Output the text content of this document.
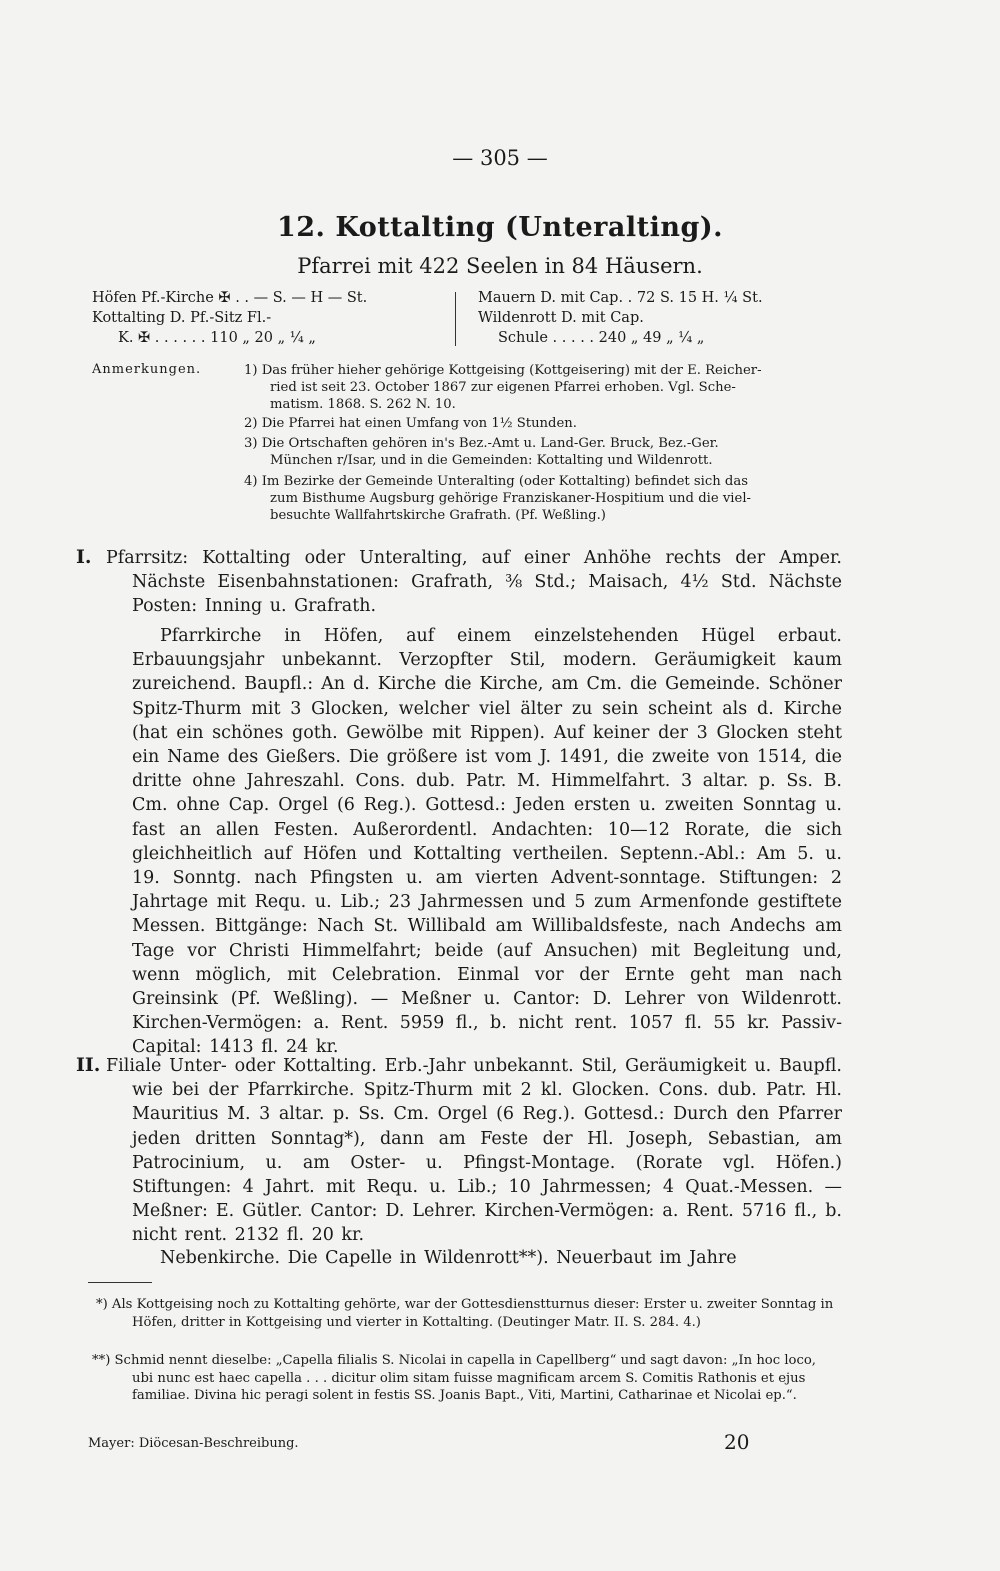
— 305 —
12. Kottalting (Unteralting).
Pfarrei mit 422 Seelen in 84 Häusern.
Höfen Pf.-Kirche ✠ . . — S. — H — St.
Kottalting D. Pf.-Sitz Fl.-
K. ✠ . . . . . . 110 „ 20 „ ¼ „
Mauern D. mit Cap. . 72 S. 15 H. ¼ St.
Wildenrott D. mit Cap.
Schule . . . . . 240 „ 49 „ ¼ „
Anmerkungen.	1) Das früher hieher gehörige Kottgeising (Kottgeisering) mit der E. Reicher-
ried ist seit 23. October 1867 zur eigenen Pfarrei erhoben. Vgl. Sche-
matism. 1868. S. 262 N. 10.
2) Die Pfarrei hat einen Umfang von 1½ Stunden.
3) Die Ortschaften gehören in's Bez.-Amt u. Land-Ger. Bruck, Bez.-Ger.
München r/Isar, und in die Gemeinden: Kottalting und Wildenrott.
4) Im Bezirke der Gemeinde Unteralting (oder Kottalting) befindet sich das
zum Bisthume Augsburg gehörige Franziskaner-Hospitium und die viel-
besuchte Wallfahrtskirche Grafrath. (Pf. Weßling.)
I. Pfarrsitz: Kottalting oder Unteralting, auf einer Anhöhe rechts der Amper. Nächste Eisenbahnstationen: Grafrath, ⅜ Std.; Maisach, 4½ Std. Nächste Posten: Inning u. Grafrath.
Pfarrkirche in Höfen, auf einem einzelstehenden Hügel erbaut. Erbauungsjahr unbekannt. Verzopfter Stil, modern. Geräumigkeit kaum zureichend. Baupfl.: An d. Kirche die Kirche, am Cm. die Gemeinde. Schöner Spitz-Thurm mit 3 Glocken, welcher viel älter zu sein scheint als d. Kirche (hat ein schönes goth. Gewölbe mit Rippen). Auf keiner der 3 Glocken steht ein Name des Gießers. Die größere ist vom J. 1491, die zweite von 1514, die dritte ohne Jahreszahl. Cons. dub. Patr. M. Himmelfahrt. 3 altar. p. Ss. B. Cm. ohne Cap. Orgel (6 Reg.). Gottesd.: Jeden ersten u. zweiten Sonntag u. fast an allen Festen. Außerordentl. Andachten: 10—12 Rorate, die sich gleichheitlich auf Höfen und Kottalting vertheilen. Septenn.-Abl.: Am 5. u. 19. Sonntg. nach Pfingsten u. am vierten Advent-sonntage. Stiftungen: 2 Jahrtage mit Requ. u. Lib.; 23 Jahrmessen und 5 zum Armenfonde gestiftete Messen. Bittgänge: Nach St. Willibald am Willibaldsfeste, nach Andechs am Tage vor Christi Himmelfahrt; beide (auf Ansuchen) mit Begleitung und, wenn möglich, mit Celebration. Einmal vor der Ernte geht man nach Greinsink (Pf. Weßling). — Meßner u. Cantor: D. Lehrer von Wildenrott. Kirchen-Vermögen: a. Rent. 5959 fl., b. nicht rent. 1057 fl. 55 kr. Passiv-Capital: 1413 fl. 24 kr.
II. Filiale Unter- oder Kottalting. Erb.-Jahr unbekannt. Stil, Geräumigkeit u. Baupfl. wie bei der Pfarrkirche. Spitz-Thurm mit 2 kl. Glocken. Cons. dub. Patr. Hl. Mauritius M. 3 altar. p. Ss. Cm. Orgel (6 Reg.). Gottesd.: Durch den Pfarrer jeden dritten Sonntag*), dann am Feste der Hl. Joseph, Sebastian, am Patrocinium, u. am Oster- u. Pfingst-Montage. (Rorate vgl. Höfen.) Stiftungen: 4 Jahrt. mit Requ. u. Lib.; 10 Jahrmessen; 4 Quat.-Messen. — Meßner: E. Gütler. Cantor: D. Lehrer. Kirchen-Vermögen: a. Rent. 5716 fl., b. nicht rent. 2132 fl. 20 kr.
Nebenkirche. Die Capelle in Wildenrott**). Neuerbaut im Jahre
*) Als Kottgeising noch zu Kottalting gehörte, war der Gottesdienstturnus dieser: Erster u. zweiter Sonntag in Höfen, dritter in Kottgeising und vierter in Kottalting. (Deutinger Matr. II. S. 284. 4.)
**) Schmid nennt dieselbe: „Capella filialis S. Nicolai in capella in Capellberg“ und sagt davon: „In hoc loco, ubi nunc est haec capella . . . dicitur olim sitam fuisse magnificam arcem S. Comitis Rathonis et ejus familiae. Divina hic peragi solent in festis SS. Joanis Bapt., Viti, Martini, Catharinae et Nicolai ep.“.
Mayer: Diöcesan-Beschreibung.	20
